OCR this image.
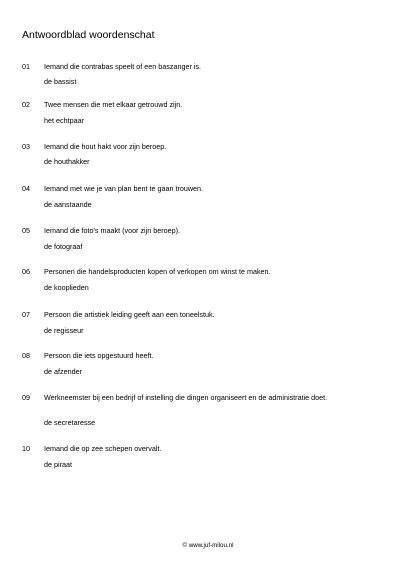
Antwoordblad woordenschat
01 Iemand die contrabas speelt of een baszanger is.
de bassist
02 Twee mensen die met elkaar getrouwd zijn.
het echtpaar
03 Iemand die hout hakt voor zijn beroep.
de houthakker
04 Iemand met wie je van plan bent te gaan trouwen.
de aanstaande
05 Iemand die foto's maakt (voor zijn beroep).
de fotograaf
06 Personen die handelsproducten kopen of verkopen om winst te maken.
de kooplieden
07 Persoon die artistiek leiding geeft aan een toneelstuk.
de regisseur
08 Persoon die iets opgestuurd heeft.
de afzender
09 Werkneemster bij een bedrijf of instelling die dingen organiseert en de administratie doet.
de secretaresse
10 Iemand die op zee schepen overvalt.
de piraat
© www.juf-milou.nl
